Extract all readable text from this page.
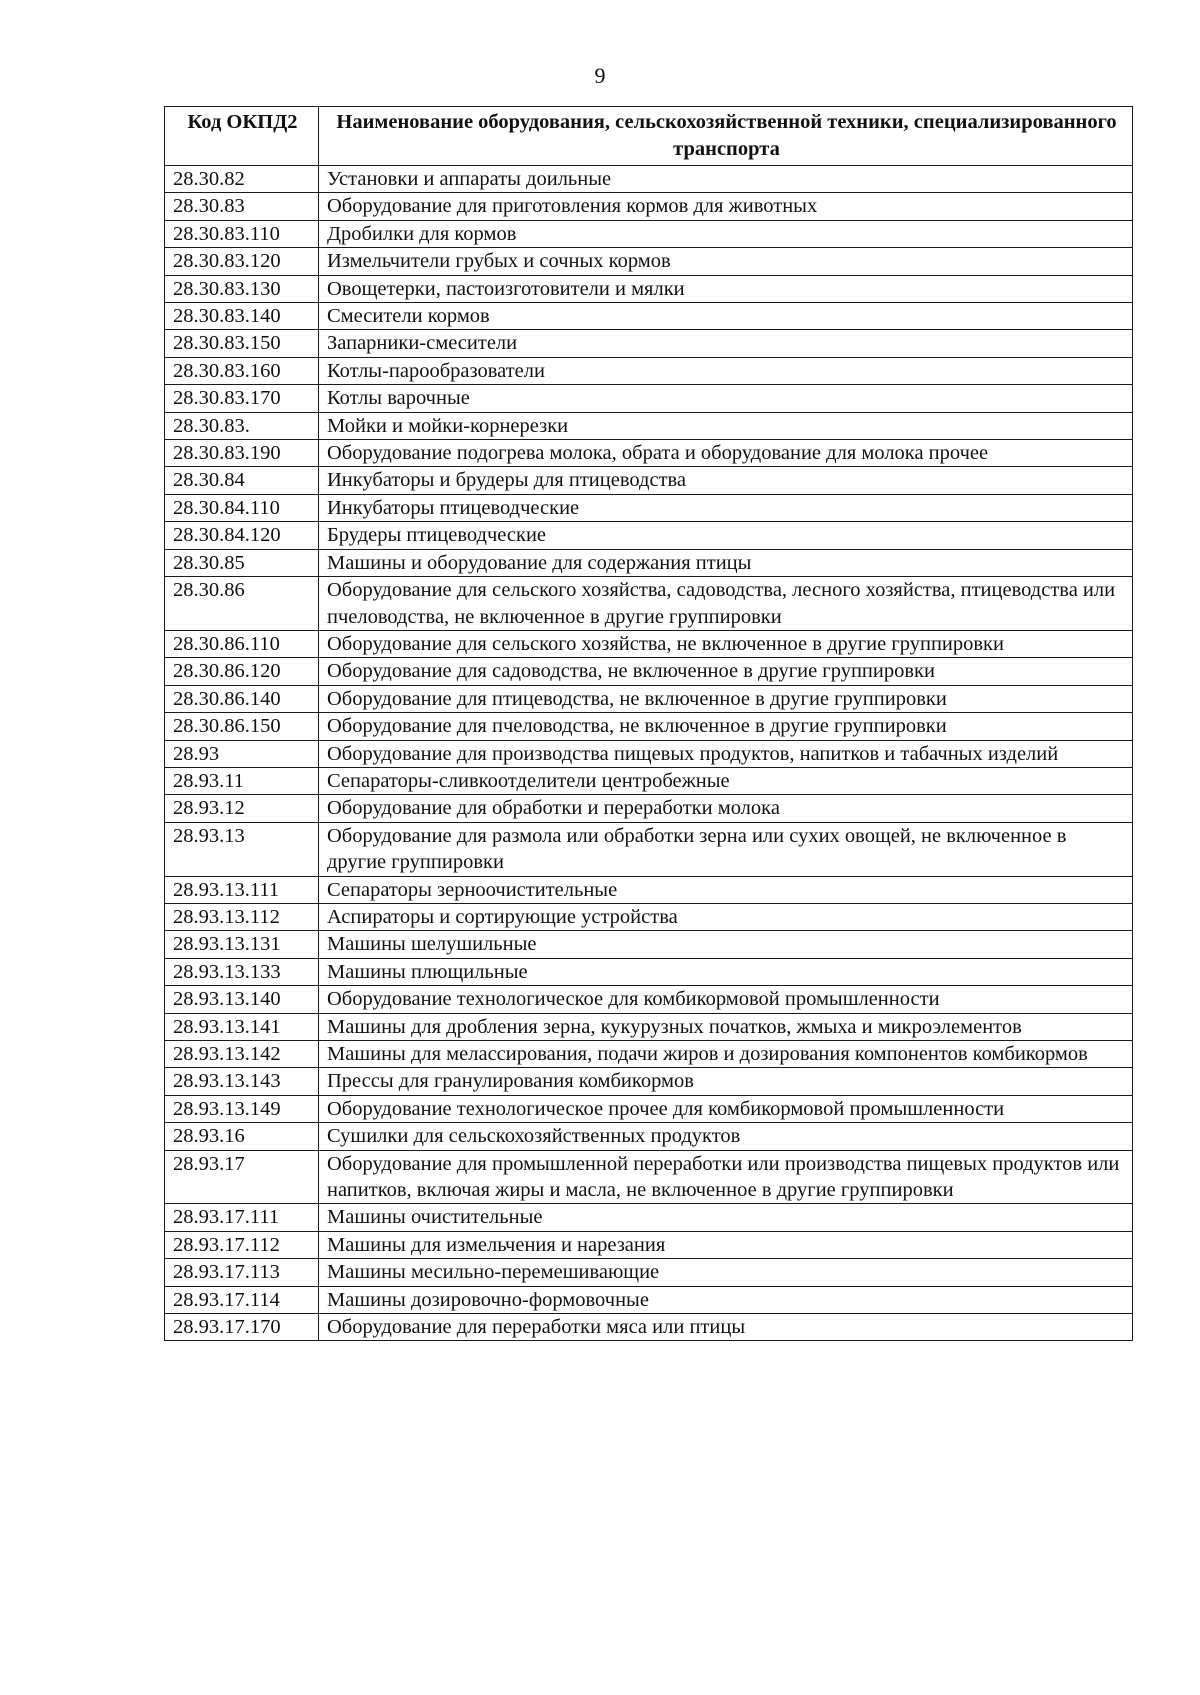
9
Код ОКПД2	Наименование оборудования, сельскохозяйственной техники, специализированного транспорта
28.30.82	Установки и аппараты доильные
28.30.83	Оборудование для приготовления кормов для животных
28.30.83.110	Дробилки для кормов
28.30.83.120	Измельчители грубых и сочных кормов
28.30.83.130	Овощетерки, пастоизготовители и мялки
28.30.83.140	Смесители кормов
28.30.83.150	Запарники-смесители
28.30.83.160	Котлы-парообразователи
28.30.83.170	Котлы варочные
28.30.83.	Мойки и мойки-корнерезки
28.30.83.190	Оборудование подогрева молока, обрата и оборудование для молока прочее
28.30.84	Инкубаторы и брудеры для птицеводства
28.30.84.110	Инкубаторы птицеводческие
28.30.84.120	Брудеры птицеводческие
28.30.85	Машины и оборудование для содержания птицы
28.30.86	Оборудование для сельского хозяйства, садоводства, лесного хозяйства, птицеводства или пчеловодства, не включенное в другие группировки
28.30.86.110	Оборудование для сельского хозяйства, не включенное в другие группировки
28.30.86.120	Оборудование для садоводства, не включенное в другие группировки
28.30.86.140	Оборудование для птицеводства, не включенное в другие группировки
28.30.86.150	Оборудование для пчеловодства, не включенное в другие группировки
28.93	Оборудование для производства пищевых продуктов, напитков и табачных изделий
28.93.11	Сепараторы-сливкоотделители центробежные
28.93.12	Оборудование для обработки и переработки молока
28.93.13	Оборудование для размола или обработки зерна или сухих овощей, не включенное в другие группировки
28.93.13.111	Сепараторы зерноочистительные
28.93.13.112	Аспираторы и сортирующие устройства
28.93.13.131	Машины шелушильные
28.93.13.133	Машины плющильные
28.93.13.140	Оборудование технологическое для комбикормовой промышленности
28.93.13.141	Машины для дробления зерна, кукурузных початков, жмыха и микроэлементов
28.93.13.142	Машины для мелассирования, подачи жиров и дозирования компонентов комбикормов
28.93.13.143	Прессы для гранулирования комбикормов
28.93.13.149	Оборудование технологическое прочее для комбикормовой промышленности
28.93.16	Сушилки для сельскохозяйственных продуктов
28.93.17	Оборудование для промышленной переработки или производства пищевых продуктов или напитков, включая жиры и масла, не включенное в другие группировки
28.93.17.111	Машины очистительные
28.93.17.112	Машины для измельчения и нарезания
28.93.17.113	Машины месильно-перемешивающие
28.93.17.114	Машины дозировочно-формовочные
28.93.17.170	Оборудование для переработки мяса или птицы
